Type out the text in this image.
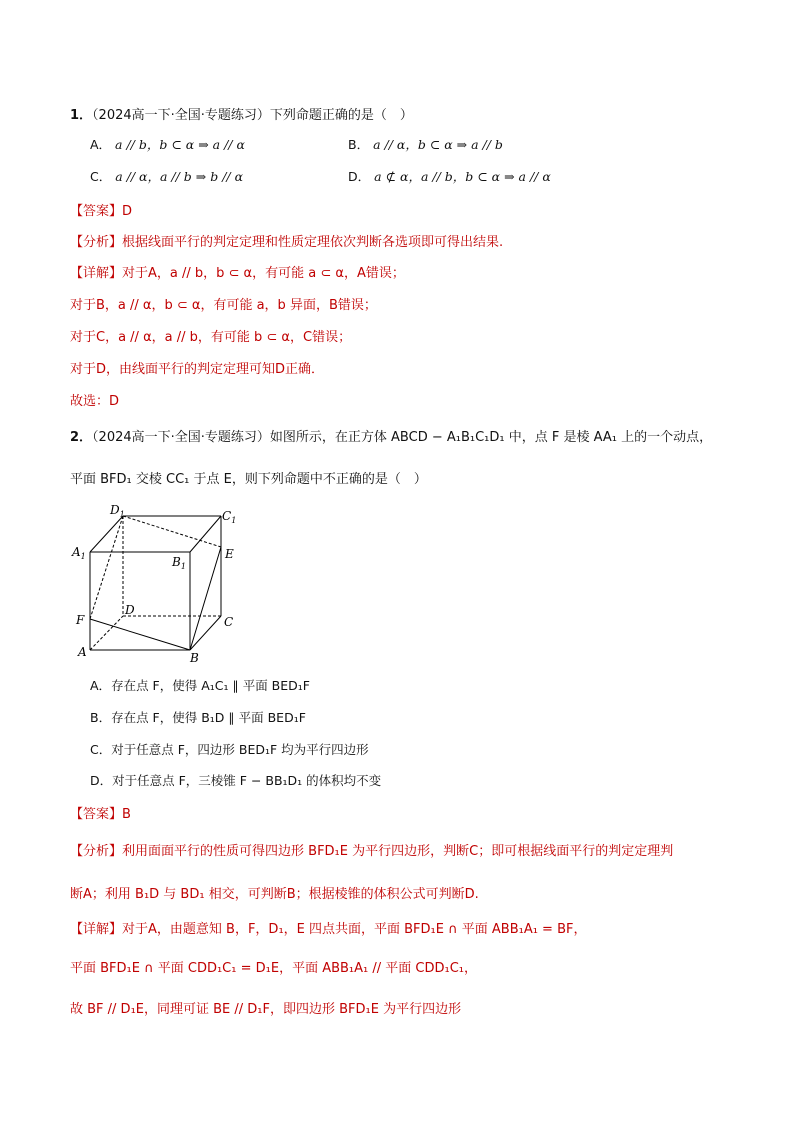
1．（2024高一下·全国·专题练习）下列命题正确的是（　）
A． a // b，b ⊂ α ⇒ a // α	B． a // α，b ⊂ α ⇒ a // b
C． a // α，a // b ⇒ b // α	D． a ⊄ α，a // b，b ⊂ α ⇒ a // α
【答案】D
【分析】根据线面平行的判定定理和性质定理依次判断各选项即可得出结果.
【详解】对于A，a // b，b ⊂ α，有可能 a ⊂ α，A错误；
对于B，a // α，b ⊂ α，有可能 a，b 异面，B错误；
对于C，a // α，a // b，有可能 b ⊂ α，C错误；
对于D，由线面平行的判定定理可知D正确．
故选：D
2．（2024高一下·全国·专题练习）如图所示，在正方体 ABCD − A₁B₁C₁D₁ 中，点 F 是棱 AA₁ 上的一个动点，
平面 BFD₁ 交棱 CC₁ 于点 E，则下列命题中不正确的是（　）
$D_1$	$C_1$
$A_1$	$B_1$
E
D
F	C
A	B
A．存在点 F，使得 A₁C₁ ∥ 平面 BED₁F
B．存在点 F，使得 B₁D ∥ 平面 BED₁F
C．对于任意点 F，四边形 BED₁F 均为平行四边形
D．对于任意点 F，三棱锥 F − BB₁D₁ 的体积均不变
【答案】B
【分析】利用面面平行的性质可得四边形 BFD₁E 为平行四边形，判断C；即可根据线面平行的判定定理判
断A；利用 B₁D 与 BD₁ 相交，可判断B；根据棱锥的体积公式可判断D.
【详解】对于A，由题意知 B，F，D₁，E 四点共面，平面 BFD₁E ∩ 平面 ABB₁A₁ = BF，
平面 BFD₁E ∩ 平面 CDD₁C₁ = D₁E，平面 ABB₁A₁ // 平面 CDD₁C₁，
故 BF // D₁E，同理可证 BE // D₁F，即四边形 BFD₁E 为平行四边形
